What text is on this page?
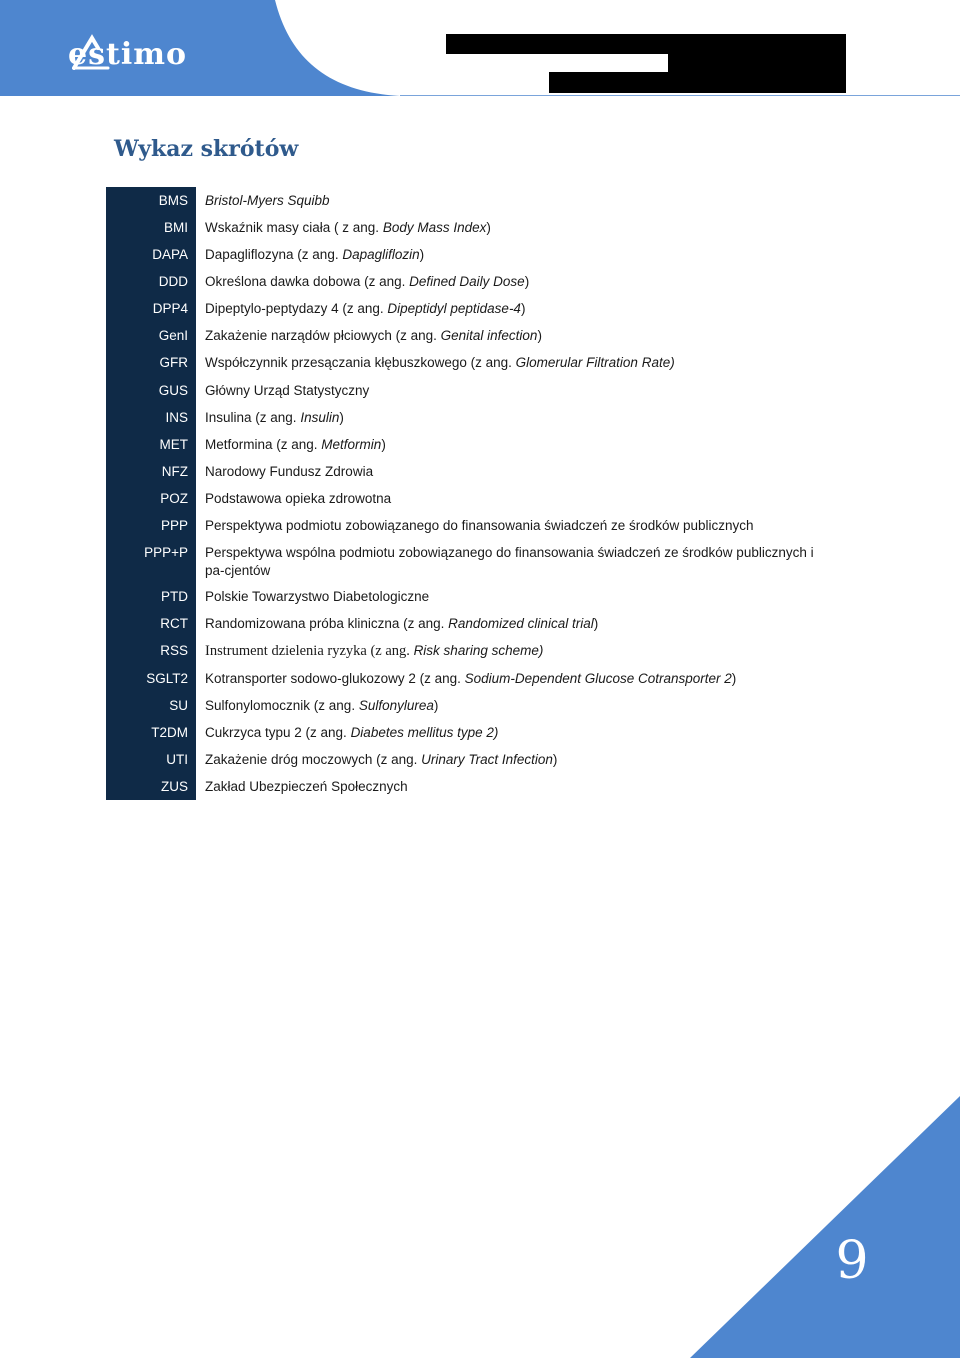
estimo
Wykaz skrótów
BMS Bristol-Myers Squibb
BMI Wskaźnik masy ciała ( z ang. Body Mass Index)
DAPA Dapagliflozyna (z ang. Dapagliflozin)
DDD Określona dawka dobowa (z ang. Defined Daily Dose)
DPP4 Dipeptylo-peptydazy 4 (z ang. Dipeptidyl peptidase-4)
GenI Zakażenie narządów płciowych (z ang. Genital infection)
GFR Współczynnik przesączania kłębuszkowego (z ang. Glomerular Filtration Rate)
GUS Główny Urząd Statystyczny
INS Insulina (z ang. Insulin)
MET Metformina (z ang. Metformin)
NFZ Narodowy Fundusz Zdrowia
POZ Podstawowa opieka zdrowotna
PPP Perspektywa podmiotu zobowiązanego do finansowania świadczeń ze środków publicznych
PPP+P Perspektywa wspólna podmiotu zobowiązanego do finansowania świadczeń ze środków publicznych i pa-cjentów
PTD Polskie Towarzystwo Diabetologiczne
RCT Randomizowana próba kliniczna (z ang. Randomized clinical trial)
RSS Instrument dzielenia ryzyka (z ang. Risk sharing scheme)
SGLT2 Kotransporter sodowo-glukozowy 2 (z ang. Sodium-Dependent Glucose Cotransporter 2)
SU Sulfonylomocznik (z ang. Sulfonylurea)
T2DM Cukrzyca typu 2 (z ang. Diabetes mellitus type 2)
UTI Zakażenie dróg moczowych (z ang. Urinary Tract Infection)
ZUS Zakład Ubezpieczeń Społecznych
9
